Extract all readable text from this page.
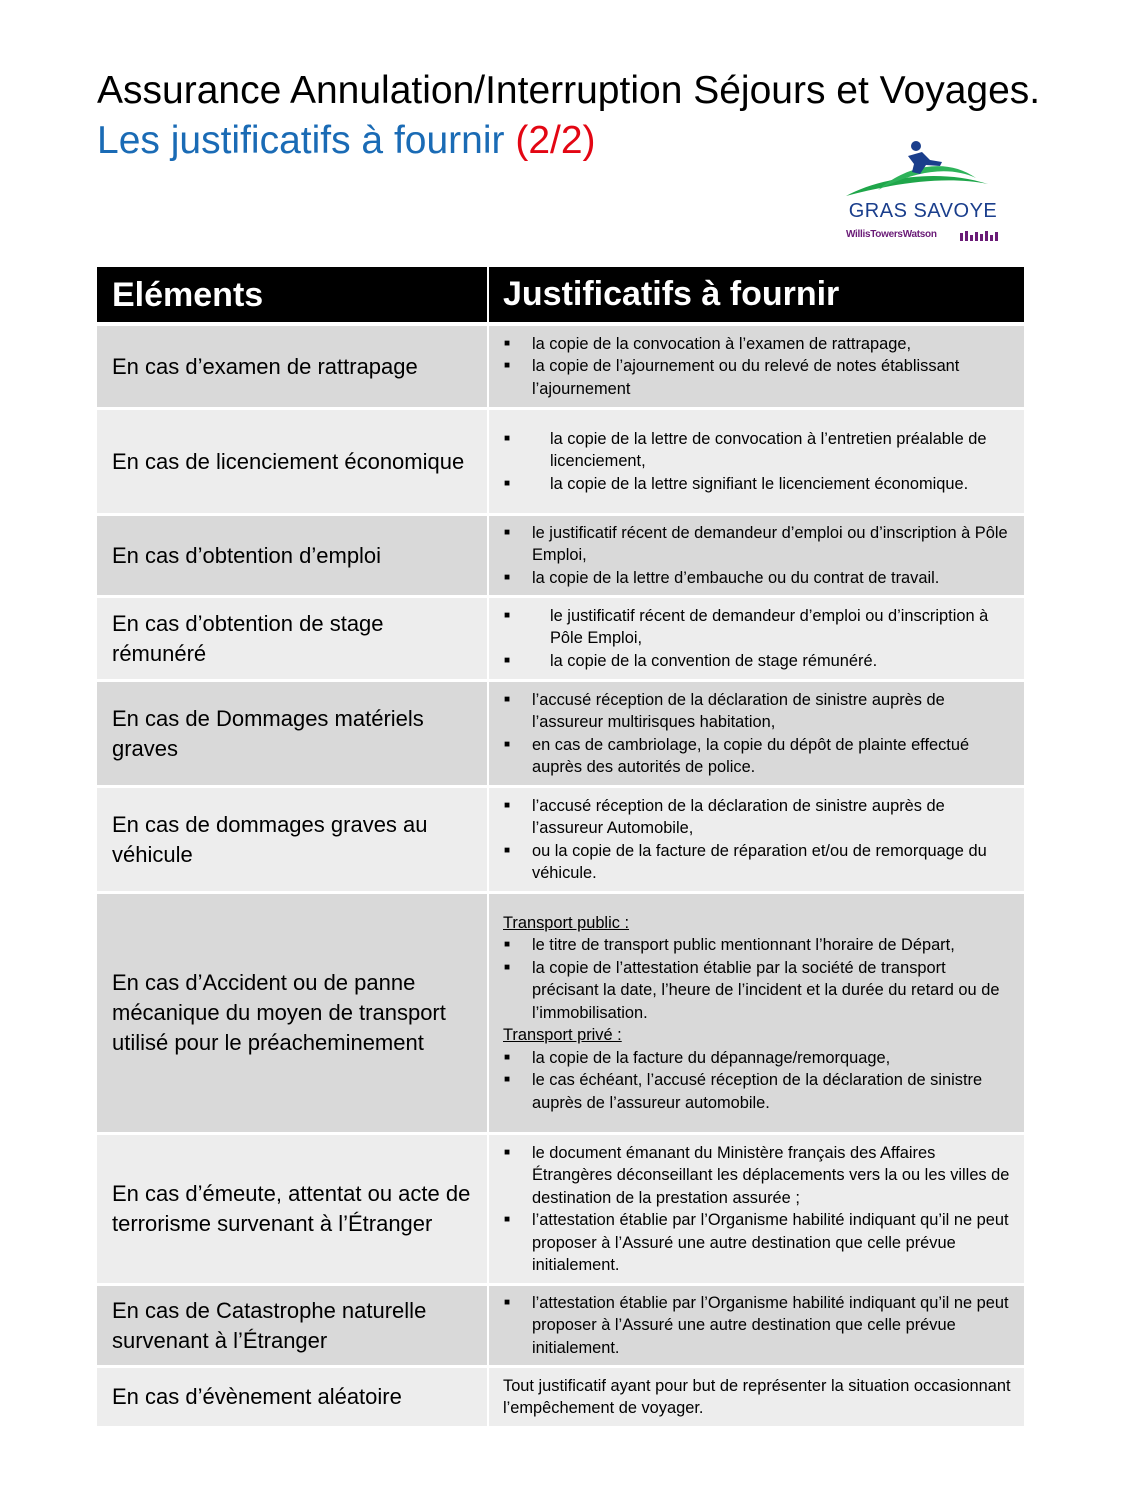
Assurance Annulation/Interruption Séjours et Voyages.
Les justificatifs à fournir (2/2)
GRAS SAVOYE
WillisTowersWatson
Eléments	Justificatifs à fournir
En cas d’examen de rattrapage
■	la copie de la convocation à l’examen de rattrapage,
■	la copie de l’ajournement ou du relevé de notes établissant l’ajournement
En cas de licenciement économique
■	la copie de la lettre de convocation à l’entretien préalable de licenciement,
■	la copie de la lettre signifiant le licenciement économique.
En cas d’obtention d’emploi
■	le justificatif récent de demandeur d’emploi ou d’inscription à Pôle Emploi,
■	la copie de la lettre d’embauche ou du contrat de travail.
En cas d’obtention de stage rémunéré
■	le justificatif récent de demandeur d’emploi ou d’inscription à Pôle Emploi,
■	la copie de la convention de stage rémunéré.
En cas de Dommages matériels graves
■	l’accusé réception de la déclaration de sinistre auprès de l’assureur multirisques habitation,
■	en cas de cambriolage, la copie du dépôt de plainte effectué auprès des autorités de police.
En cas de dommages graves au véhicule
■	l’accusé réception de la déclaration de sinistre auprès de l’assureur Automobile,
■	ou la copie de la facture de réparation et/ou de remorquage du véhicule.
En cas d’Accident ou de panne mécanique du moyen de transport utilisé pour le préacheminement
Transport public :
■	le titre de transport public mentionnant l’horaire de Départ,
■	la copie de l’attestation établie par la société de transport précisant la date, l’heure de l’incident et la durée du retard ou de l’immobilisation.
Transport privé :
■	la copie de la facture du dépannage/remorquage,
■	le cas échéant, l’accusé réception de la déclaration de sinistre auprès de l’assureur automobile.
En cas d’émeute, attentat ou acte de terrorisme survenant à l’Étranger
■	le document émanant du Ministère français des Affaires Étrangères déconseillant les déplacements vers la ou les villes de destination de la prestation assurée ;
■	l’attestation établie par l’Organisme habilité indiquant qu’il ne peut proposer à l’Assuré une autre destination que celle prévue initialement.
En cas de Catastrophe naturelle survenant à l’Étranger
■	l’attestation établie par l’Organisme habilité indiquant qu’il ne peut proposer à l’Assuré une autre destination que celle prévue initialement.
En cas d’évènement aléatoire	Tout justificatif ayant pour but de représenter la situation occasionnant l’empêchement de voyager.
